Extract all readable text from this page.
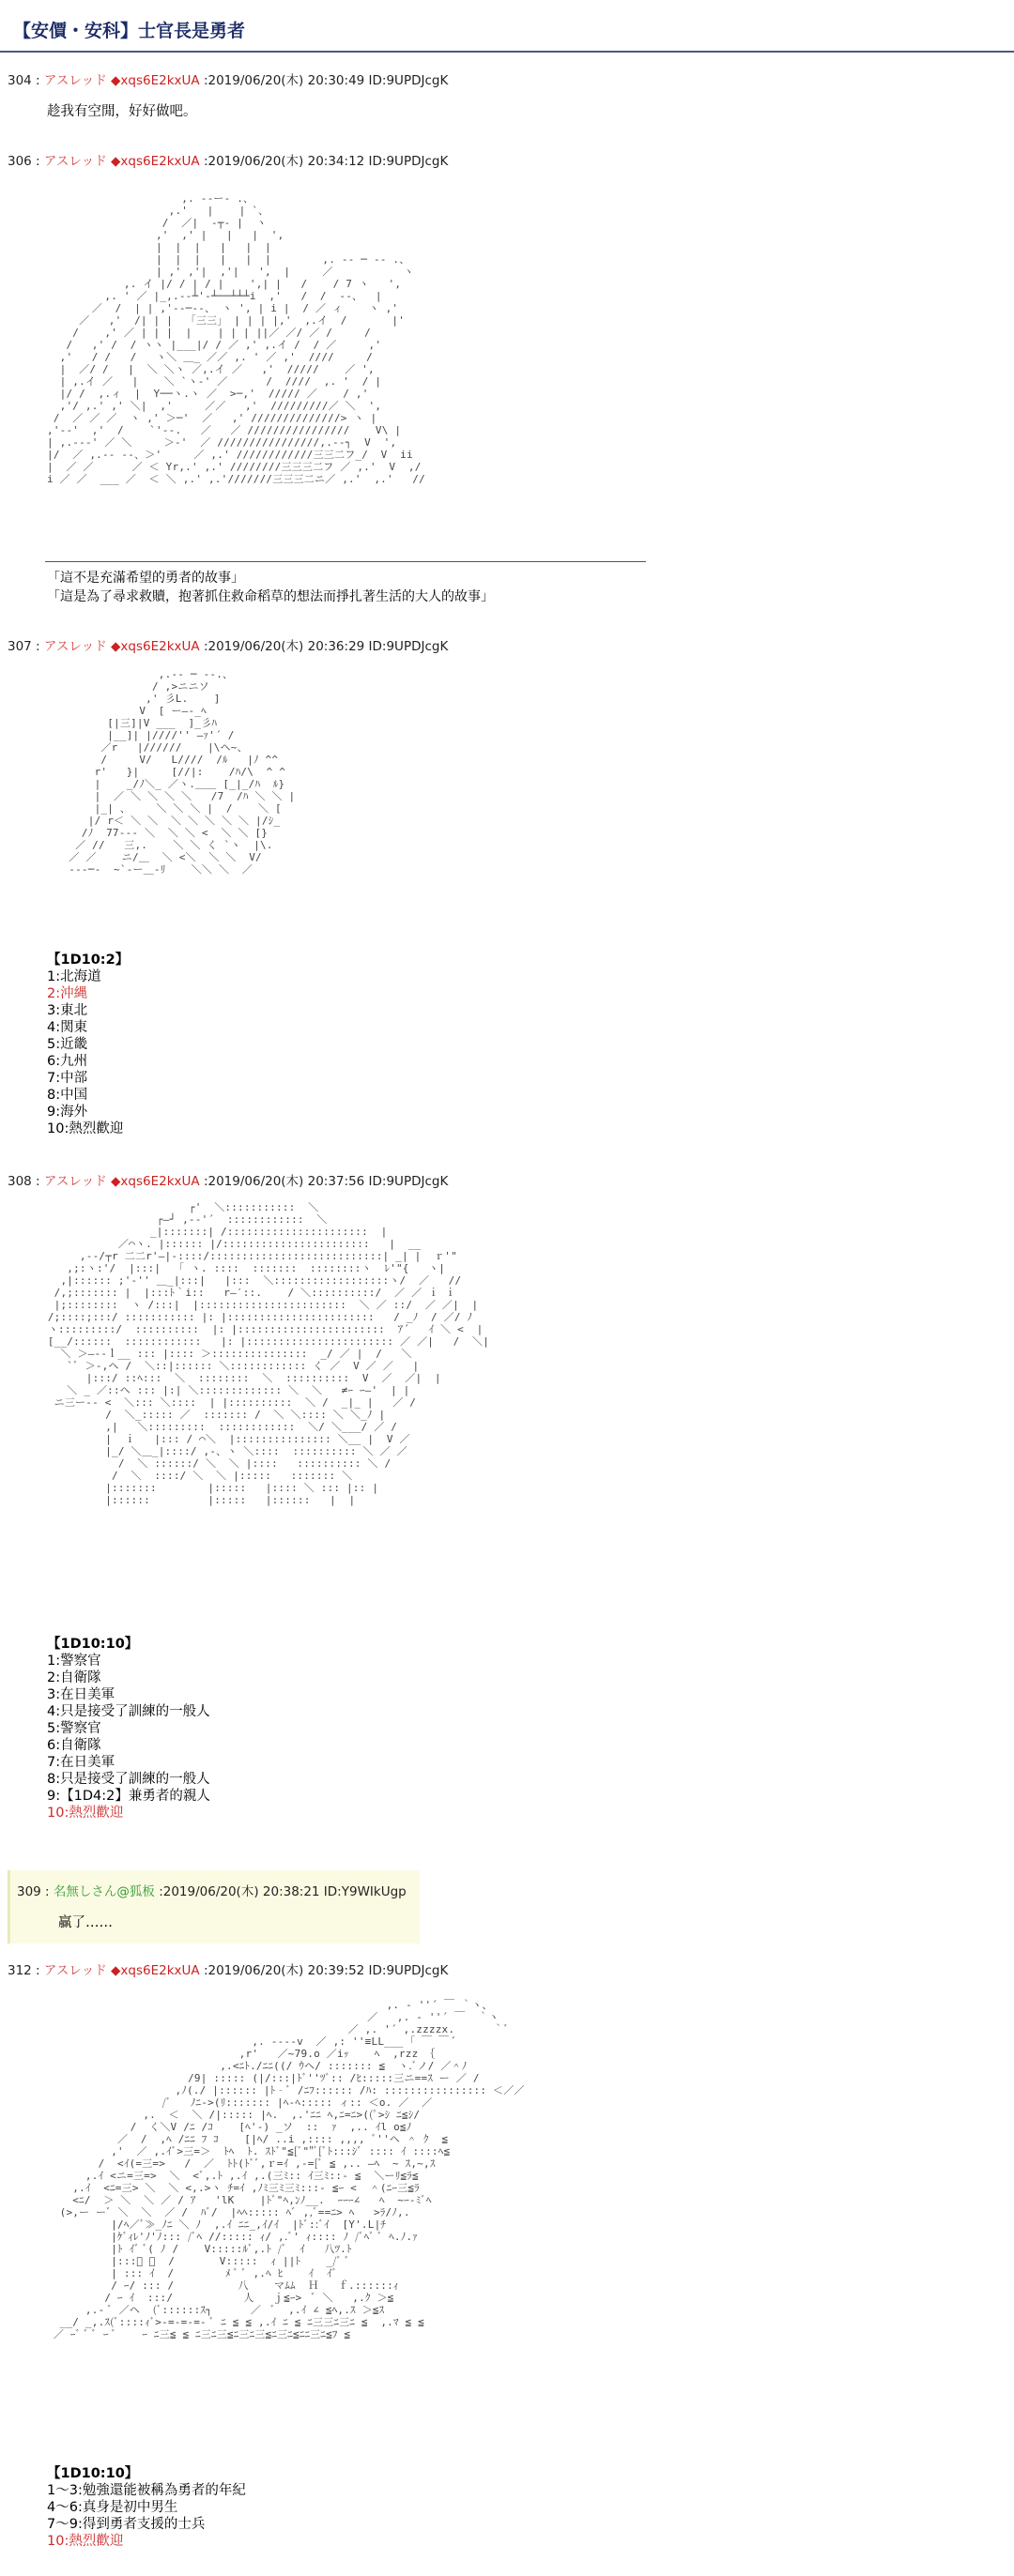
【安價・安科】士官長是勇者
304 : アスレッド ◆xqs6E2kxUA :2019/06/20(木) 20:30:49 ID:9UPDJcgK
趁我有空閒，好好做吧。
306 : アスレッド ◆xqs6E2kxUA :2019/06/20(木) 20:34:12 ID:9UPDJcgK
,. -‐ー- .、
,.'   |    | `、
/  ／|  ‐┬‐ |  ヽ
,'  ,' |   |   |  ',
|  |  |   |   |  |
|  |  |   |   |  |        ,. -‐ ─ ‐- .、
| ,' ,'|  ,'|   ',  |     ／           ヽ
,. イ |/ / | / |    ',| |   /    / 7 ヽ   ',
,. ' ／ |_,.-‐┴'‐┴──┴┴┴i  ,'   /  /  ‐-、  |
／  /  | | ,'-‐─‐-、 ヽ ', | i |  / ／ ィ    ヽ ,'
／   ,'  /| | |  「三三」 | | | |,'  ,.イ  /       |'
/    ,' ／ | | |  |    | | | ||／ ／/ ／ /     /
/   ,' /  / ヽヽ |___|/ / ／ ,' ,.イ /  / ／     ,'
,'   / /   /   ヽ＼ ＿_ ／／ ,. ' ／ ,'  ////     /
|  ／/ /   |  ＼ ＼ヽ ／,.イ ／   ,'  /////    ／ ',
| ,.イ ／   |    ＼ `ヽ‐' ／      /  ////  ,. '  / |
|/ /  ,.ィ  |  Y──ヽ.ヽ ／  >─,'  ///// ／    / ,'
,'/ ,.' ,' ＼|  ,'     ／／   ,'  /////////／ ＼  ',
/  ／ ／ ／  ヽ ,' ＞─'  ／   ,' //////////////> ヽ |
,'-‐'  ,'  /    `'‐-.   ／   ／ ////////////////    V\ |
| ,.-‐‐' ／ ＼     ＞‐'  ／ ////////////////,.-‐┐  V  ',
|/  ／ ,.-‐ ‐-、＞'     ／ ,.' ////////////三三二フ_/  V  ii
|  ／ ／      ／ ＜ Yr,.' ,.' ////////三三三二フ ／ ,.'  V  ,/
i ／ ／  ___ ／  ＜ ＼ ,.' ,.'///////三三三二ニ／ ,.'  ,.'   //

「這不是充滿希望的勇者的故事」
「這是為了尋求救贖，抱著抓住救命稻草的想法而掙扎著生活的大人的故事」
307 : アスレッド ◆xqs6E2kxUA :2019/06/20(木) 20:36:29 ID:9UPDJcgK
,.-‐ ─ ‐-.、
/ ,>ニニソ
,' 彡L.    ]
V  [ ー―‐_ﾍ
[|三]|V ___  ]_彡ﾊ
|__]| |////'' ―ｧ'´ /
／r   |//////    |\ヘ~、
/     V/   L////  /ﾙ   |ﾉ ^^
r'   }|     [//|:    /ﾊ/\  ^ ^
|    _/ﾉ＼_ ／ヽ.＿＿ [_|_/ﾊ  ﾙ}
|  ／ ＼ ＼ ＼ ＼   /7  /ﾊ ＼ ＼ |
|_| 、    ＼ ＼ ＼ |  /    ＼ [
|/ r＜ ＼ ＼  ＼ ＼ ＼ ＼ ＼ |/ｼ_
/ﾉ  77‐-- ＼  ＼ ＼ <  ＼ ＼ [}
／ //   三,.    ＼ ＼ く `ヽ  |\.
／ ／    ニ/＿  ＼ <＼  ＼ ＼  V/
‐‐‐─‐  ~`‐ー＿‐ﾘ    ＼＼ ＼  ／

【1D10:2】
1:北海道
2:沖縄
3:東北
4:関東
5:近畿
6:九州
7:中部
8:中国
9:海外
10:熱烈歡迎
308 : アスレッド ◆xqs6E2kxUA :2019/06/20(木) 20:37:56 ID:9UPDJcgK
┌'  ＼:::::::::::  ＼
┌―┘ ,-‐'´  ::::::::::::  ＼
_|:::::::| /::::::::::::::::::::::  |
／⌒ヽ. |:::::: |/:::::::::::::::::::::::   |  __
,-‐/┬r 二二r'―|‐::::/:::::::::::::::::::::::::::| _| |  ｒ'"
,;:ヽ:'/  |:::|  「 ヽ. ::::  :::::::  ::::::::ヽ  ﾚ'"{   ヽ|
,|:::::: ;'‐'' ＿_|:::|   |:::  ＼::::::::::::::::::ヽ/  ／   //
/,;::::::: |  |:::ﾄ｀i::   r―′::.    / ＼::::::::::/  ／ ／ ｉ ｉ
|;::::::::  ヽ /:::|  |:::::::::::::::::::::::  ＼ ／ ::/  ／ ／|  |
/;::::;:::/ ::::::::::: |: |:::::::::::::::::::::::   / _ﾉ  / ／/ ﾉ
ヽ:::::::::/  ::::::::::  |: |:::::::::::::::::::::::  ｱ´   ｲ ＼ <  |
[__/::::::  ::::::::::::   |: |::::::::::::::::::::::: ／ ／|   /  ＼|
＼ ＞―--ｌ__ ::: |:::: ＞:::::::::::::::  _/ ／ |  /   ＼
`ﾞ ＞-,ヘ /  ＼::|:::::: ＼:::::::::::: く ／  V ／ ／   |
|:::/ ::ﾍ:::  ＼  ::::::::  ＼  ::::::::::  V  ／  ／|  |
＼ _ ／::ヘ ::: |:| ＼::::::::::::: ＼  ＼   ≠ｰ ｰ―'  | |
ニ三ー-- <  ＼::: ＼::::  | |::::::::::  ＼ /  _|_ |   ／ /
/  ＼_::::: ／  ::::::: /  ＼ ＼:::: ＼ ＼_ﾉ |
,|   ＼:::::::::  ::::::::::::  ＼/ ＼___/ ／ /
|  ｉ   |::: / ⌒＼  |::::::::::::::: ＼__ |  V ／
|_/ ＼＿_|::::/ ,-、ヽ ＼::::  :::::::::: ＼ ／ ／
/  ＼ ::::::/ ＼  ＼ |::::   :::::::::: ＼ /
/  ＼  ::::/ ＼  ＼ |:::::   ::::::: ＼
|:::::::        |:::::   |:::: ＼ ::: |:: |
|::::::         |:::::   |::::::   |  |

【1D10:10】
1:警察官
2:自衛隊
3:在日美軍
4:只是接受了訓練的一般人
5:警察官
6:自衛隊
7:在日美軍
8:只是接受了訓練的一般人
9:【1D4:2】兼勇者的親人
10:熱烈歡迎
309 : 名無しさん@狐板 :2019/06/20(木) 20:38:21 ID:Y9WIkUgp
贏了……
312 : アスレッド ◆xqs6E2kxUA :2019/06/20(木) 20:39:52 ID:9UPDJcgK
,. ‐ ''´ ￣ ｀ヽ、
／   ,. ‐ ''´ ￣  ｀ヽ
／ ,. '´ ,.zzzzx.      ｀ﾞ
,. ‐--‐v  ／ ,: ''≡LL___ ｢ ￣ ￣ ﾞ
,r'   ／~79.o ／iｯ    ﾍ  ,rzz ｛
,.<ﾆﾄ./ﾆﾆ((/ ｳヘ/ ::::::: ≦  ヽ.ﾞノ/ ／＾ﾉ
/9| ::::: (|/:::|ﾄﾞ''ﾂﾞ:: /ﾋ:::::三ニ==ｽ ー ／ /
,ﾉ(./ |:::::: |ﾄ‐ﾞ /ﾆﾌ:::::: /ﾊ: :::::::::::::::: ＜／／
/ﾞ   ﾉﾆ->(ﾘ::::::: |ﾍ-ﾍ::::: ィ:: ＜o. ／  ／
,.  ＜  ＼ /|::::: |ﾍ.  ,.'ﾆﾆ ﾍ,ﾆ=ﾆ>((ﾟ>ｼ ﾆ≦ｼ/
/  く＼V /ﾆ /ｺ    [ﾍ'-) _ソ  ::  ｧ  ,.. ｲl o≦ﾉ
／  /  ,ﾍ /ﾆﾆ ﾌ ｺ    [|ﾍ/ ..i ,:::: ,,,, ﾞ''ヘ ＾ ｸ  ≦
,'  ／ ,.ｲﾞ>三=＞  ﾄﾍ  ﾄ. ｽﾄﾞ"≦[ﾞ""ﾞ[ﾞﾄ:::ｼﾞ :::: ｲ ::::ﾍ≦
/  <ｲ(=三=>   /  ／  ﾄﾄ(ﾄﾞﾞ,ｒ=ｲ ,-=[ﾞ ≦ ,.. ―ﾍ  ~ ｽ,~,ｽ
,.ｲ <ニ=三=>  ＼  <ﾞ,.ﾄ ,.ｲ ,.(三ﾐ:: ｲ三ﾐ::- ≦  ＼ーﾘ≦ﾗ≦
,.ｲ  <ﾆ=三> ＼  ＼ <,.>ヽ ﾁ=ｲ ,ﾉﾐ三ﾐ三ﾐ:::- ≦ｰ <  ＾(ﾆｰ三≦ﾗ
<ﾆ/  ＞ ＼  ＼ ／ / ｱ   'lK    |ﾄﾞ"ﾍ,ﾝﾉ__.  ｰｰｰ∠   ﾍ  ~ｰ-ﾐﾞﾍ
(>,ー ーﾞ ＼  ＼  ／ /  ﾊﾞ/  |ﾍﾍ::::: ﾍﾞ ,,ﾞ==ﾆ> ﾍ   >ﾗ/ﾉ,.
|/ﾍ／ﾞ≫_ﾉﾆ ＼ ﾉ  ,.ｲ ﾆﾆ_,ｲ/ｲ  |ﾄﾞ::ﾞｲ  [Y'.L|ﾁ
|ｹﾞｨﾚ'ﾉ'ﾉ::: /ﾞﾍ //::::: ｨ/ ,.ﾞ' ｨ:::: ﾉ /ﾞﾍﾞ ﾞ ﾍ.ﾉ.ｧ
|ﾄ ｲﾞ ﾞ( ﾉ /    V:::::ﾙﾞ,.ﾄ /ﾞ  ｲ   八ﾂ.ﾄ
|:::ﾞ ﾞ  /       V:::::  ｨ ||ﾄ    _/ﾞ ﾞ
| ::: ｲ  /        ﾒ ﾞ ﾞ ,.ﾍ ﾋ    ｲ  ｲﾞ
/ ｰ/ ::: /          八    マﾑﾑ  Ｈ   ｆ.::::::ｨ
/ ｰ ｲ  :::/           人   ｊ≦ｰ>  ﾞ ＼   ,.ｸ ＞≦
,.‐ ﾞ ／ヘ  (ﾞ::::::ｽ┐      ／  ﾞ  ,.ｲ ∠ ≦ﾍ,.ｽ ＞≦ｽ
__/ _,.ｽ(ﾞ::::ｨﾞ>‐=‐=‐=‐ ﾞ ﾆ ≦ ≦ ,.ｲ ﾆ ≦ ﾆ三三ﾆ三ﾆ ≦  ,.ﾏ ≦ ≦
／ ｰﾞ ﾞ ﾞ ｰ ﾞ    ｰ ﾆ三≦ ≦ ﾆ三ﾆ三≦ﾆ三ﾆ三≦ﾆ三ﾆ≦ﾆﾆ三ﾆ≦ﾌ ≦

【1D10:10】
1～3:勉強還能被稱為勇者的年紀
4～6:真身是初中男生
7～9:得到勇者支援的士兵
10:熱烈歡迎
